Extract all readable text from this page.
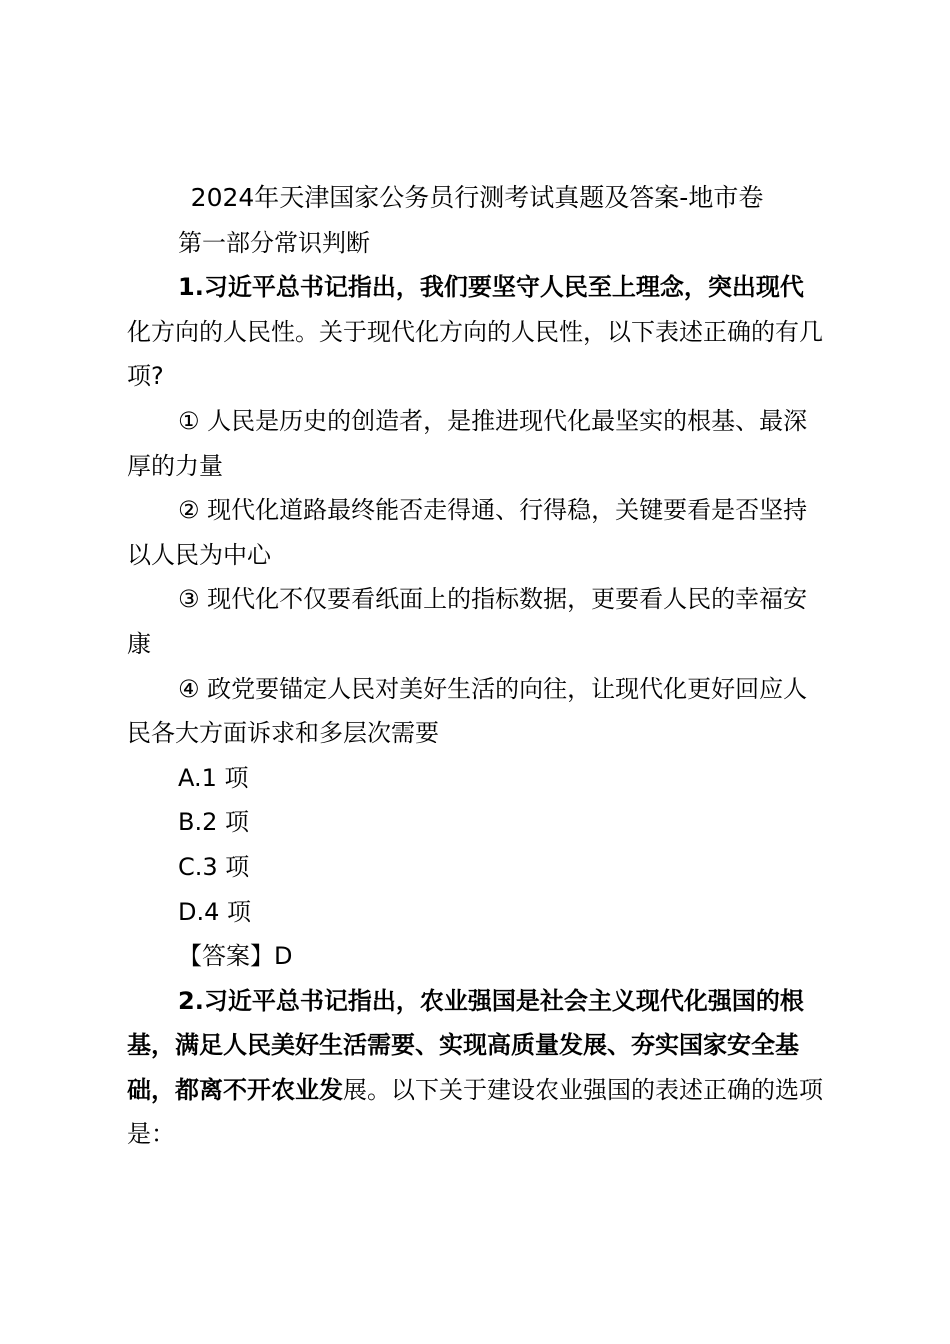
2024年天津国家公务员行测考试真题及答案-地市卷

第一部分常识判断

1.习近平总书记指出，我们要坚守人民至上理念，突出现代化方向的人民性。关于现代化方向的人民性，以下表述正确的有几项?

① 人民是历史的创造者，是推进现代化最坚实的根基、最深厚的力量

② 现代化道路最终能否走得通、行得稳，关键要看是否坚持以人民为中心

③ 现代化不仅要看纸面上的指标数据，更要看人民的幸福安康

④ 政党要锚定人民对美好生活的向往，让现代化更好回应人民各大方面诉求和多层次需要

A.1 项

B.2 项

C.3 项

D.4 项

【答案】D

2.习近平总书记指出，农业强国是社会主义现代化强国的根基，满足人民美好生活需要、实现高质量发展、夯实国家安全基础，都离不开农业发展。以下关于建设农业强国的表述正确的选项是：
